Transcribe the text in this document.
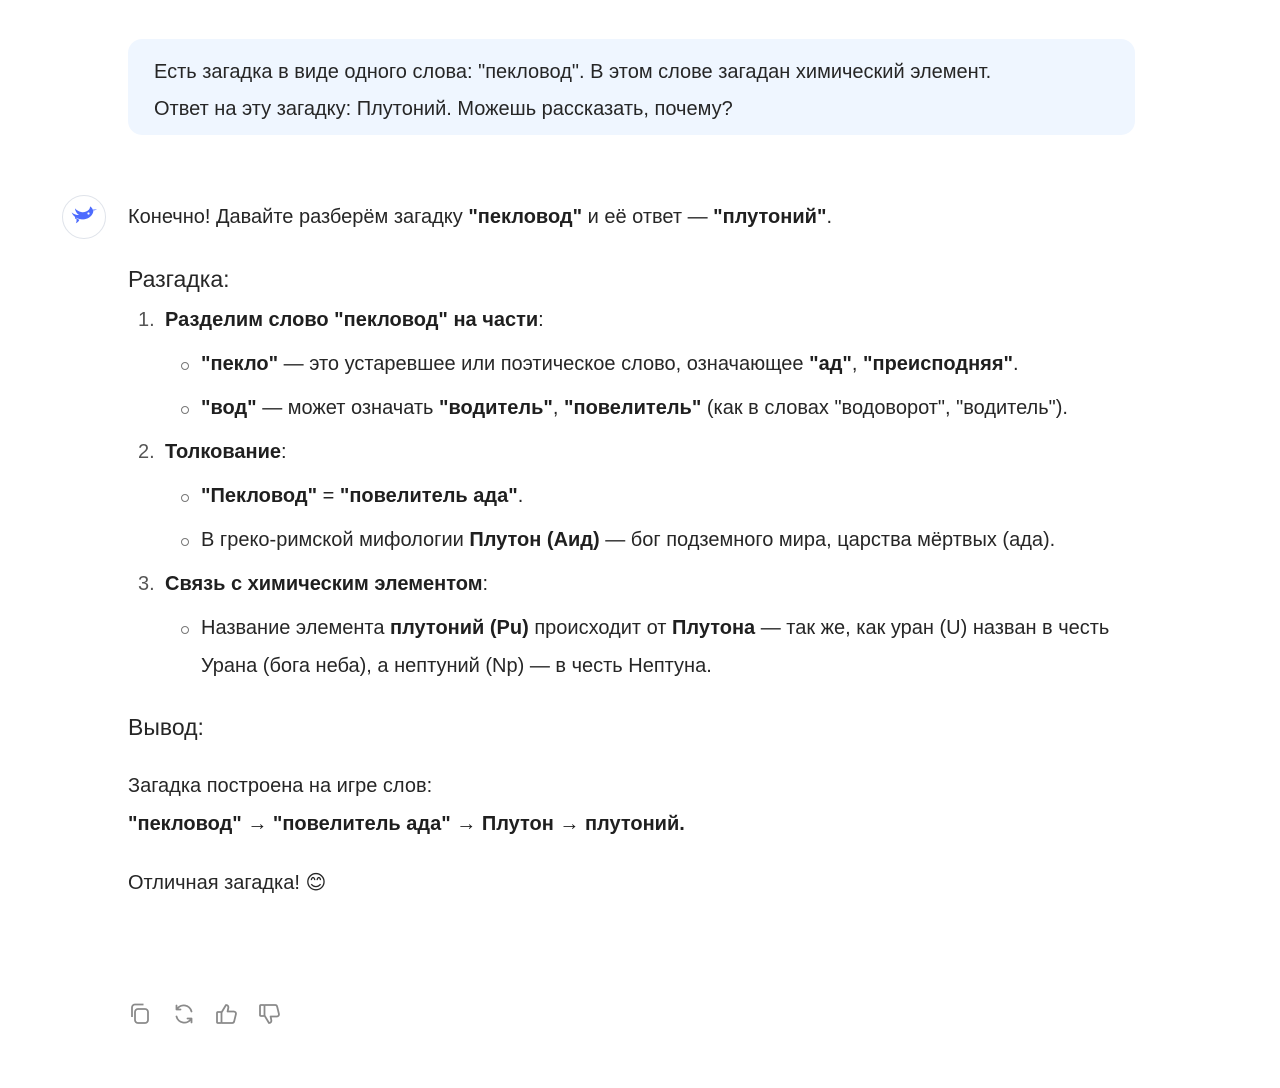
Есть загадка в виде одного слова: "пекловод". В этом слове загадан химический элемент.

Ответ на эту загадку: Плутоний. Можешь рассказать, почему?

Конечно! Давайте разберём загадку "пекловод" и её ответ — "плутоний".

Разгадка:

1. Разделим слово "пекловод" на части:
"пекло" — это устаревшее или поэтическое слово, означающее "ад", "преисподняя".
"вод" — может означать "водитель", "повелитель" (как в словах "водоворот", "водитель").
2. Толкование:
"Пекловод" = "повелитель ада".
В греко-римской мифологии Плутон (Аид) — бог подземного мира, царства мёртвых (ада).
3. Связь с химическим элементом:
Название элемента плутоний (Pu) происходит от Плутона — так же, как уран (U) назван в честь Урана (бога неба), а нептуний (Np) — в честь Нептуна.

Вывод:

Загадка построена на игре слов:

"пекловод" → "повелитель ада" → Плутон → плутоний.

Отличная загадка! 😊
